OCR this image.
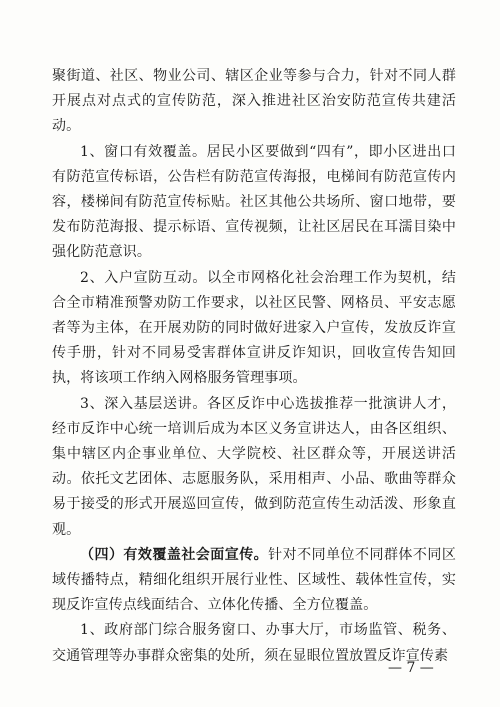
聚街道、社区、物业公司、辖区企业等参与合力，针对不同人群开展点对点式的宣传防范，深入推进社区治安防范宣传共建活动。

1、窗口有效覆盖。居民小区要做到“四有”，即小区进出口有防范宣传标语，公告栏有防范宣传海报，电梯间有防范宣传内容，楼梯间有防范宣传标贴。社区其他公共场所、窗口地带，要发布防范海报、提示标语、宣传视频，让社区居民在耳濡目染中强化防范意识。

2、入户宣防互动。以全市网格化社会治理工作为契机，结合全市精准预警劝防工作要求，以社区民警、网格员、平安志愿者等为主体，在开展劝防的同时做好进家入户宣传，发放反诈宣传手册，针对不同易受害群体宣讲反诈知识，回收宣传告知回执，将该项工作纳入网格服务管理事项。

3、深入基层送讲。各区反诈中心选拔推荐一批演讲人才，经市反诈中心统一培训后成为本区义务宣讲达人，由各区组织、集中辖区内企事业单位、大学院校、社区群众等，开展送讲活动。依托文艺团体、志愿服务队，采用相声、小品、歌曲等群众易于接受的形式开展巡回宣传，做到防范宣传生动活泼、形象直观。

（四）有效覆盖社会面宣传。针对不同单位不同群体不同区域传播特点，精细化组织开展行业性、区域性、载体性宣传，实现反诈宣传点线面结合、立体化传播、全方位覆盖。

1、政府部门综合服务窗口、办事大厅，市场监管、税务、交通管理等办事群众密集的处所，须在显眼位置放置反诈宣传素

— 7 —
